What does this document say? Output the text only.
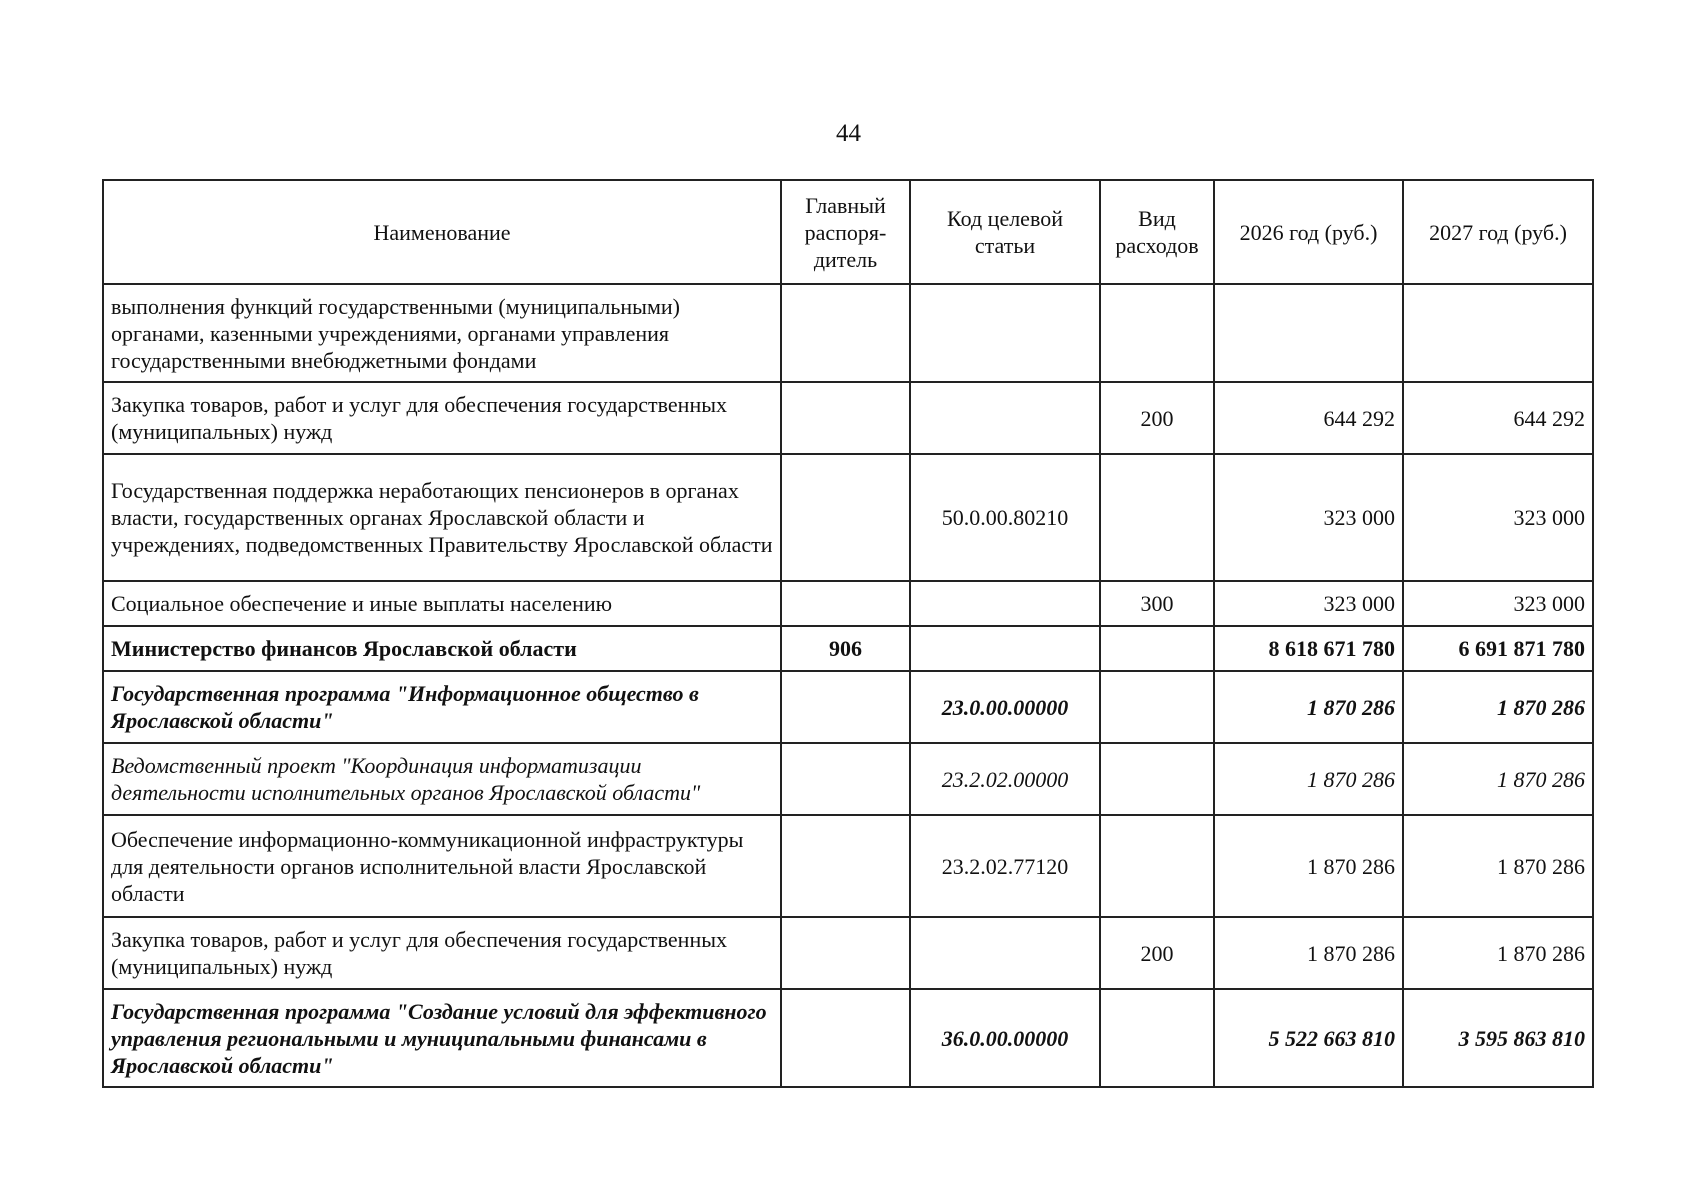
44
Наименование	Главный распоря-дитель	Код целевой статьи	Вид расходов	2026 год (руб.)	2027 год (руб.)
выполнения функций государственными (муниципальными) органами, казенными учреждениями, органами управления государственными внебюджетными фондами					
Закупка товаров, работ и услуг для обеспечения государственных (муниципальных) нужд			200	644 292	644 292
Государственная поддержка неработающих пенсионеров в органах власти, государственных органах Ярославской области и учреждениях, подведомственных Правительству Ярославской области		50.0.00.80210		323 000	323 000
Социальное обеспечение и иные выплаты населению			300	323 000	323 000
Министерство финансов Ярославской области	906			8 618 671 780	6 691 871 780
Государственная программа "Информационное общество в Ярославской области"		23.0.00.00000		1 870 286	1 870 286
Ведомственный проект "Координация информатизации деятельности исполнительных органов Ярославской области"		23.2.02.00000		1 870 286	1 870 286
Обеспечение информационно-коммуникационной инфраструктуры для деятельности органов исполнительной власти Ярославской области		23.2.02.77120		1 870 286	1 870 286
Закупка товаров, работ и услуг для обеспечения государственных (муниципальных) нужд			200	1 870 286	1 870 286
Государственная программа "Создание условий для эффективного управления региональными и муниципальными финансами в Ярославской области"		36.0.00.00000		5 522 663 810	3 595 863 810
